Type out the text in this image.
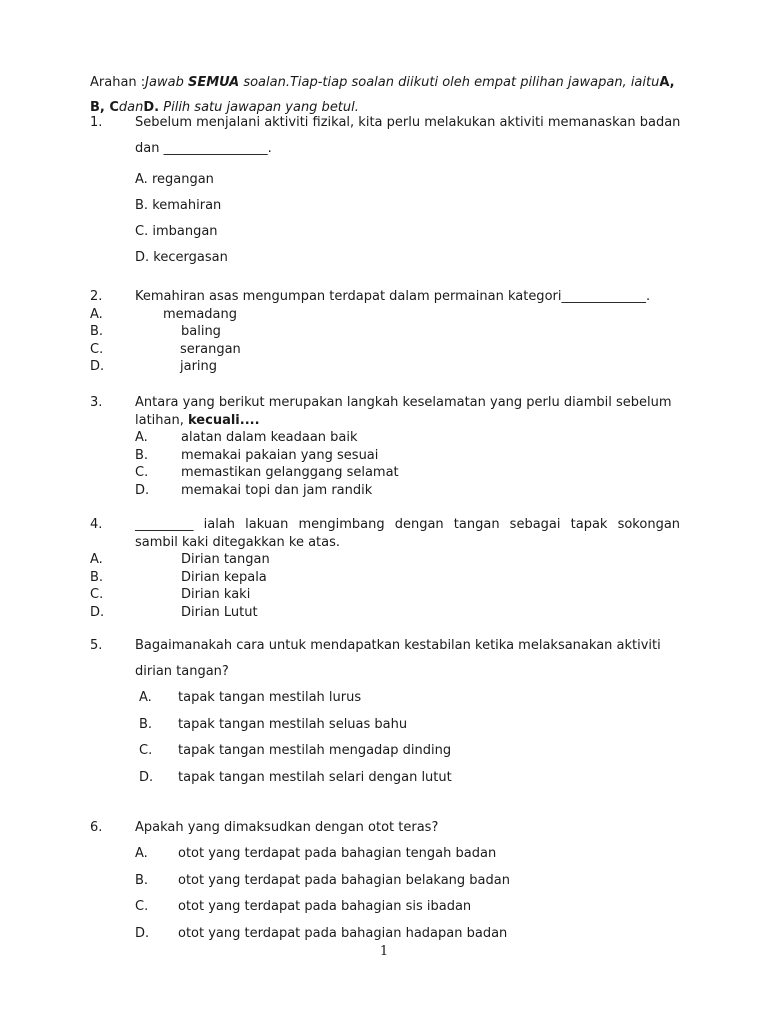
Arahan :Jawab SEMUA soalan.Tiap-tiap soalan diikuti oleh empat pilihan jawapan, iaituA,
B, CdanD. Pilih satu jawapan yang betul.
1.	Sebelum menjalani aktiviti fizikal, kita perlu melakukan aktiviti memanaskan badan
dan ________________.
A. regangan
B. kemahiran
C. imbangan
D. kecergasan
2.	Kemahiran asas mengumpan terdapat dalam permainan kategori_____________.
A.	memadang
B.	baling
C.	serangan
D.	jaring
3.	Antara yang berikut merupakan langkah keselamatan yang perlu diambil sebelum
latihan, kecuali....
A.	alatan dalam keadaan baik
B.	memakai pakaian yang sesuai
C.	memastikan gelanggang selamat
D. memakai topi dan jam randik
4.	_________ ialah lakuan mengimbang dengan tangan sebagai tapak sokongan
sambil kaki ditegakkan ke atas.
A.	Dirian tangan
B.	Dirian kepala
C.	Dirian kaki
D.	Dirian Lutut
5.	Bagaimanakah cara untuk mendapatkan kestabilan ketika melaksanakan aktiviti
dirian tangan?
A. tapak tangan mestilah lurus
B. tapak tangan mestilah seluas bahu
C. tapak tangan mestilah mengadap dinding
D. tapak tangan mestilah selari dengan lutut
6.	Apakah yang dimaksudkan dengan otot teras?
A. otot yang terdapat pada bahagian tengah badan
B. otot yang terdapat pada bahagian belakang badan
C. otot yang terdapat pada bahagian sis ibadan
D. otot yang terdapat pada bahagian hadapan badan
1
